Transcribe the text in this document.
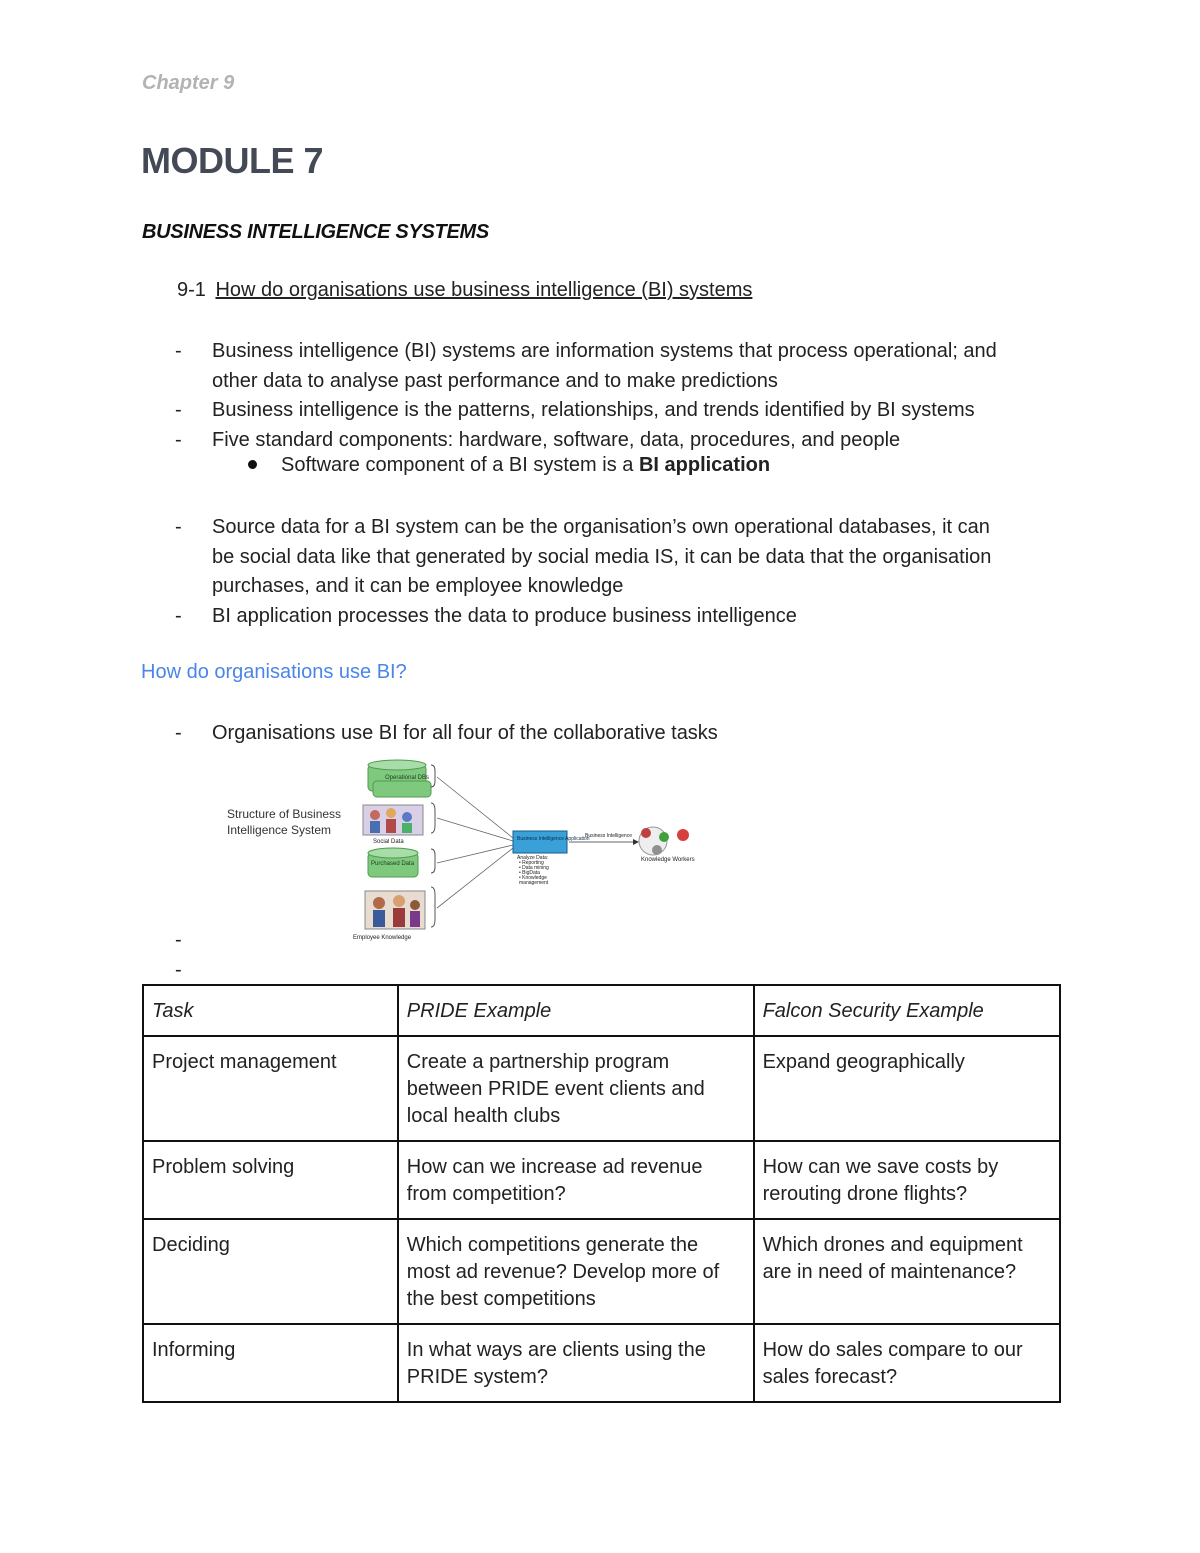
Chapter 9
MODULE 7
BUSINESS INTELLIGENCE SYSTEMS
9-1 How do organisations use business intelligence (BI) systems
- Business intelligence (BI) systems are information systems that process operational; and
other data to analyse past performance and to make predictions
- Business intelligence is the patterns, relationships, and trends identified by BI systems
- Five standard components: hardware, software, data, procedures, and people
Software component of a BI system is a BI application
- Source data for a BI system can be the organisation’s own operational databases, it can
be social data like that generated by social media IS, it can be data that the organisation
purchases, and it can be employee knowledge
- BI application processes the data to produce business intelligence
How do organisations use BI?
- Organisations use BI for all four of the collaborative tasks
Structure of Business
Intelligence System
Operational DBs
Social Data
Purchased Data
Employee Knowledge
Business Intelligence Application
Analyze Data:
• Reporting
• Data mining
• BigData
• Knowledge
management
Business Intelligence
Knowledge Workers
-
-
Task	PRIDE Example	Falcon Security Example
Project management	Create a partnership program between PRIDE event clients and local health clubs	Expand geographically
Problem solving	How can we increase ad revenue from competition?	How can we save costs by rerouting drone flights?
Deciding	Which competitions generate the most ad revenue? Develop more of the best competitions	Which drones and equipment are in need of maintenance?
Informing	In what ways are clients using the PRIDE system?	How do sales compare to our sales forecast?
